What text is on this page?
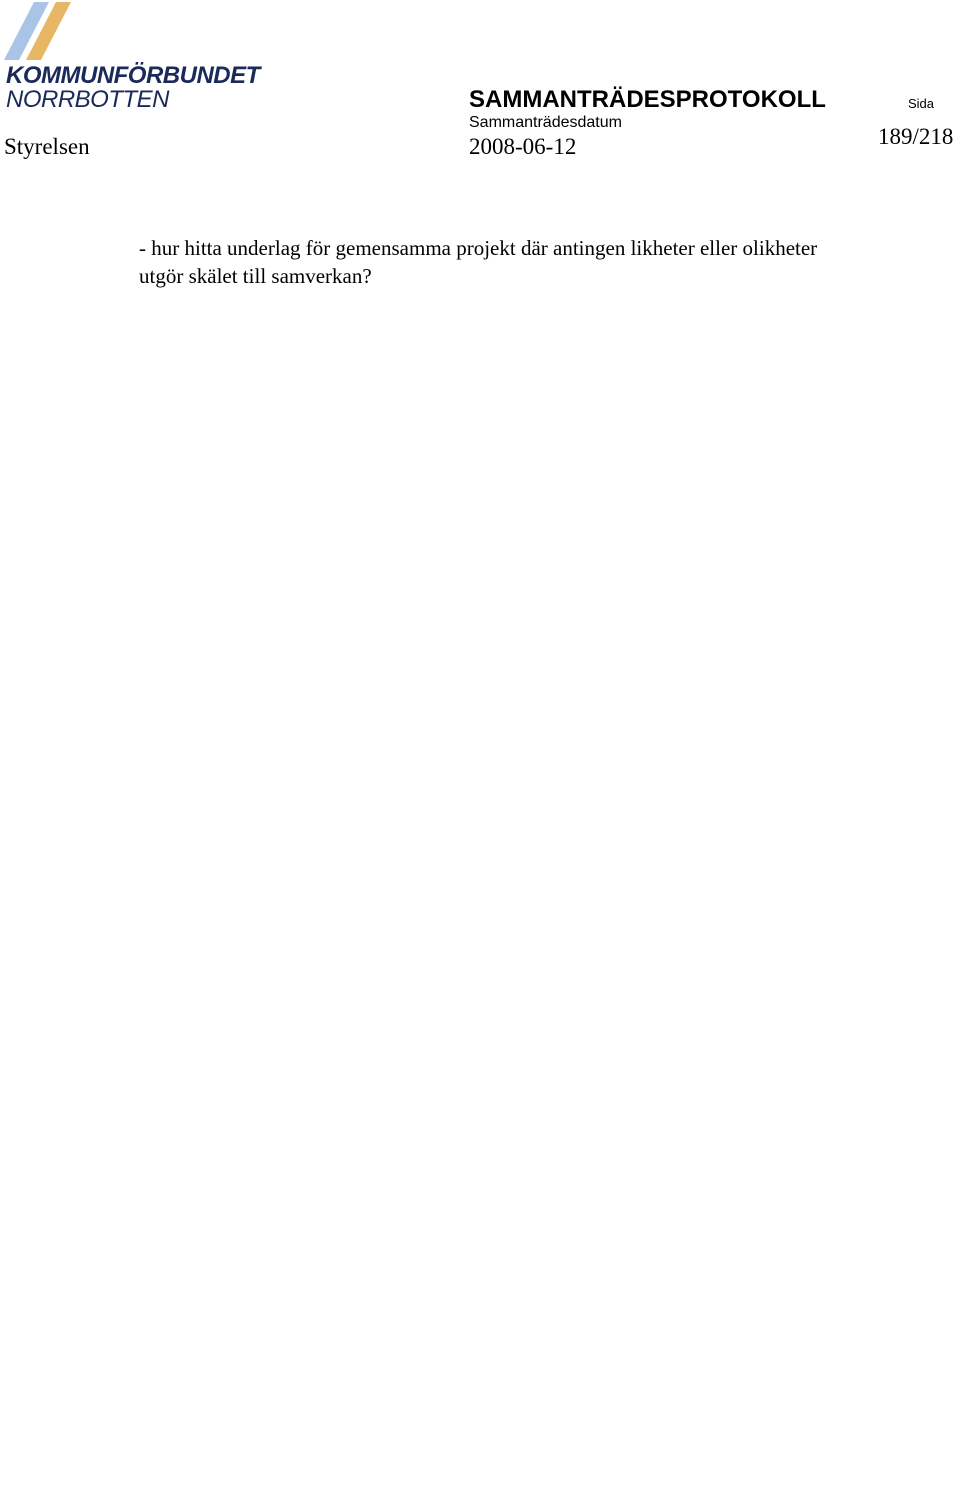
KOMMUNFÖRBUNDET
NORRBOTTEN
Styrelsen
SAMMANTRÄDESPROTOKOLL
Sammanträdesdatum
2008-06-12
Sida
189/218

- hur hitta underlag för gemensamma projekt där antingen likheter eller olikheter
utgör skälet till samverkan?
